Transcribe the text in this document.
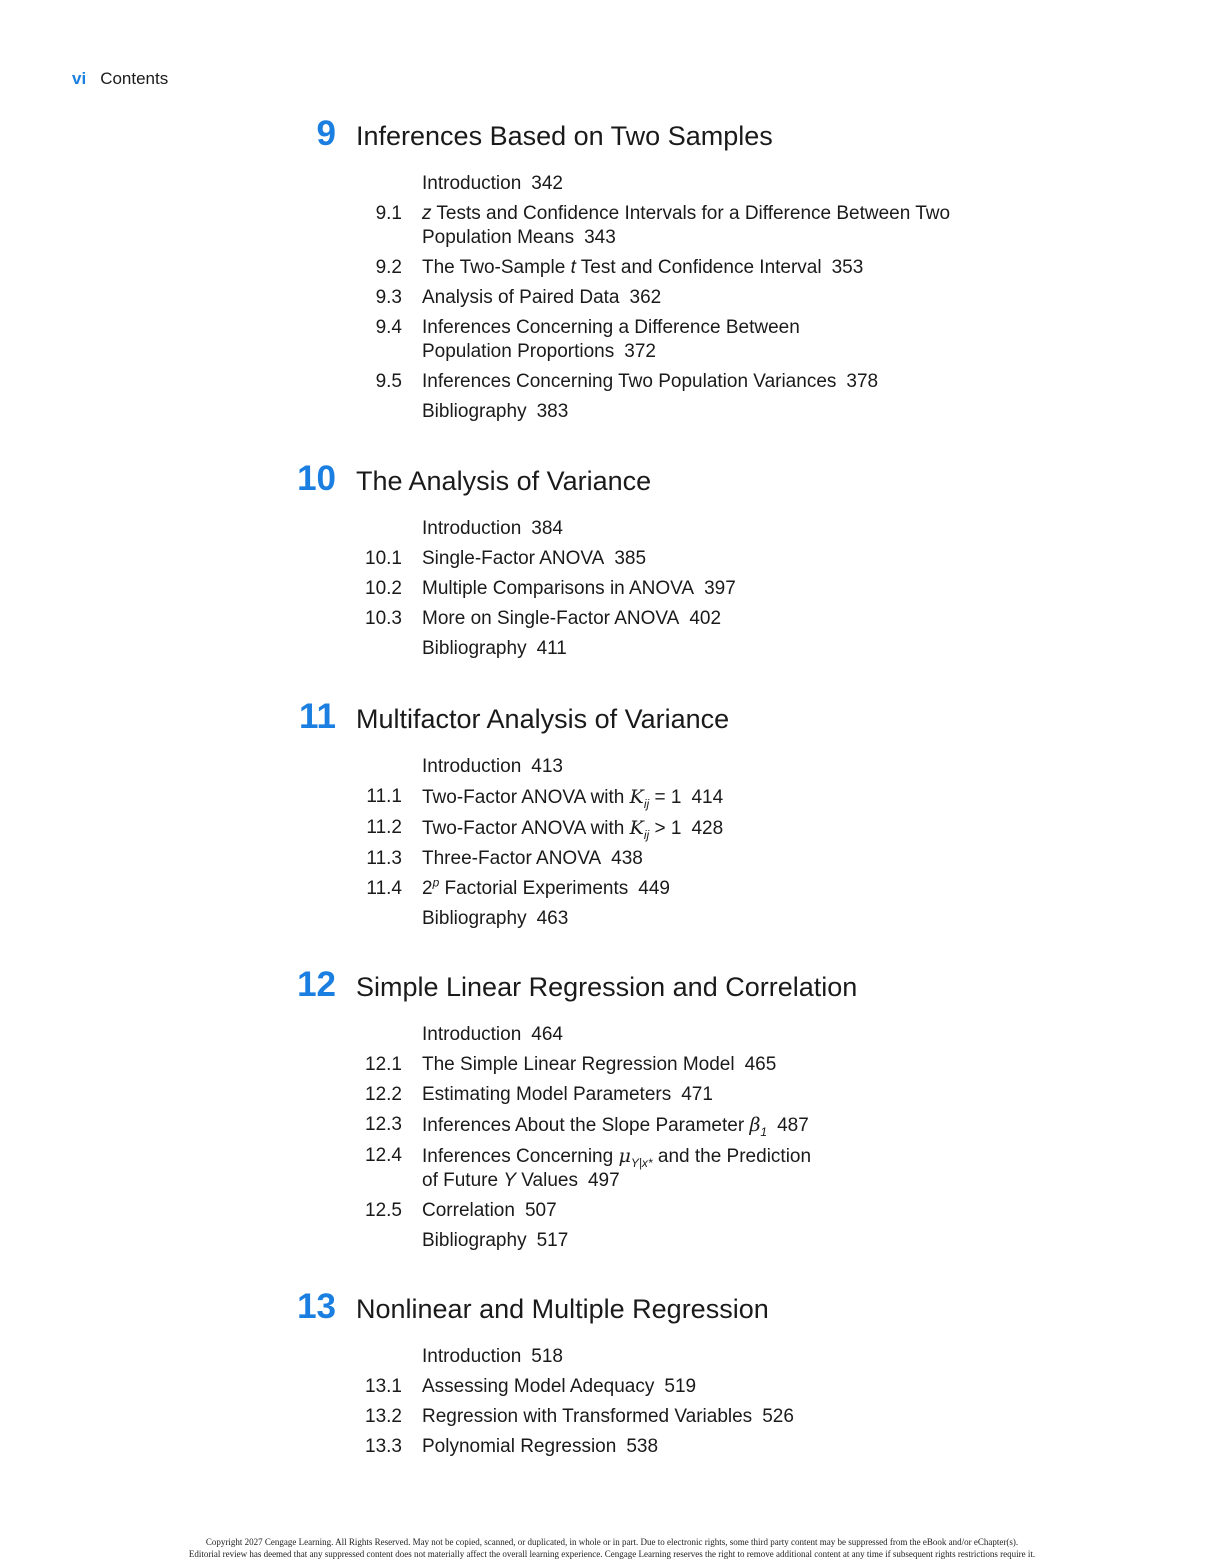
vi Contents
9 Inferences Based on Two Samples
Introduction 342
9.1 z Tests and Confidence Intervals for a Difference Between Two
Population Means 343
9.2 The Two-Sample t Test and Confidence Interval 353
9.3 Analysis of Paired Data 362
9.4 Inferences Concerning a Difference Between
Population Proportions 372
9.5 Inferences Concerning Two Population Variances 378
Bibliography 383
10 The Analysis of Variance
Introduction 384
10.1 Single-Factor ANOVA 385
10.2 Multiple Comparisons in ANOVA 397
10.3 More on Single-Factor ANOVA 402
Bibliography 411
11 Multifactor Analysis of Variance
Introduction 413
11.1 Two-Factor ANOVA with $K_{ij} = 1$ 414
11.2 Two-Factor ANOVA with $K_{ij} > 1$ 428
11.3 Three-Factor ANOVA 438
11.4 2$^p$ Factorial Experiments 449
Bibliography 463
12 Simple Linear Regression and Correlation
Introduction 464
12.1 The Simple Linear Regression Model 465
12.2 Estimating Model Parameters 471
12.3 Inferences About the Slope Parameter $\beta_1$ 487
12.4 Inferences Concerning $\mu_{Y|x*}$ and the Prediction
of Future Y Values 497
12.5 Correlation 507
Bibliography 517
13 Nonlinear and Multiple Regression
Introduction 518
13.1 Assessing Model Adequacy 519
13.2 Regression with Transformed Variables 526
13.3 Polynomial Regression 538
Copyright 2027 Cengage Learning. All Rights Reserved. May not be copied, scanned, or duplicated, in whole or in part. Due to electronic rights, some third party content may be suppressed from the eBook and/or eChapter(s).
Editorial review has deemed that any suppressed content does not materially affect the overall learning experience. Cengage Learning reserves the right to remove additional content at any time if subsequent rights restrictions require it.
